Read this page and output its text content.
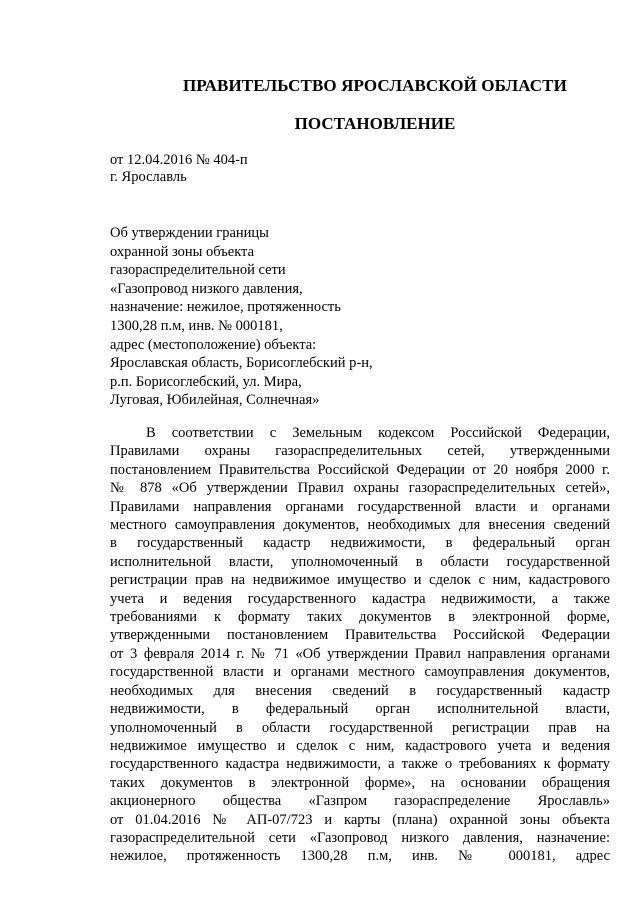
ПРАВИТЕЛЬСТВО ЯРОСЛАВСКОЙ ОБЛАСТИ
ПОСТАНОВЛЕНИЕ
от 12.04.2016 № 404-п
г. Ярославль
Об утверждении границы
охранной зоны объекта
газораспределительной сети
«Газопровод низкого давления,
назначение: нежилое, протяженность
1300,28 п.м, инв. № 000181,
адрес (местоположение) объекта:
Ярославская область, Борисоглебский р-н,
р.п. Борисоглебский, ул. Мира,
Луговая, Юбилейная, Солнечная»
В соответствии с Земельным кодексом Российской Федерации,
Правилами охраны газораспределительных сетей, утвержденными
постановлением Правительства Российской Федерации от 20 ноября 2000 г.
№ 878 «Об утверждении Правил охраны газораспределительных сетей»,
Правилами направления органами государственной власти и органами
местного самоуправления документов, необходимых для внесения сведений
в государственный кадастр недвижимости, в федеральный орган
исполнительной власти, уполномоченный в области государственной
регистрации прав на недвижимое имущество и сделок с ним, кадастрового
учета и ведения государственного кадастра недвижимости, а также
требованиями к формату таких документов в электронной форме,
утвержденными постановлением Правительства Российской Федерации
от 3 февраля 2014 г. № 71 «Об утверждении Правил направления органами
государственной власти и органами местного самоуправления документов,
необходимых для внесения сведений в государственный кадастр
недвижимости, в федеральный орган исполнительной власти,
уполномоченный в области государственной регистрации прав на
недвижимое имущество и сделок с ним, кадастрового учета и ведения
государственного кадастра недвижимости, а также о требованиях к формату
таких документов в электронной форме», на основании обращения
акционерного общества «Газпром газораспределение Ярославль»
от 01.04.2016 № АП-07/723 и карты (плана) охранной зоны объекта
газораспределительной сети «Газопровод низкого давления, назначение:
нежилое, протяженность 1300,28 п.м, инв. № 000181, адрес
